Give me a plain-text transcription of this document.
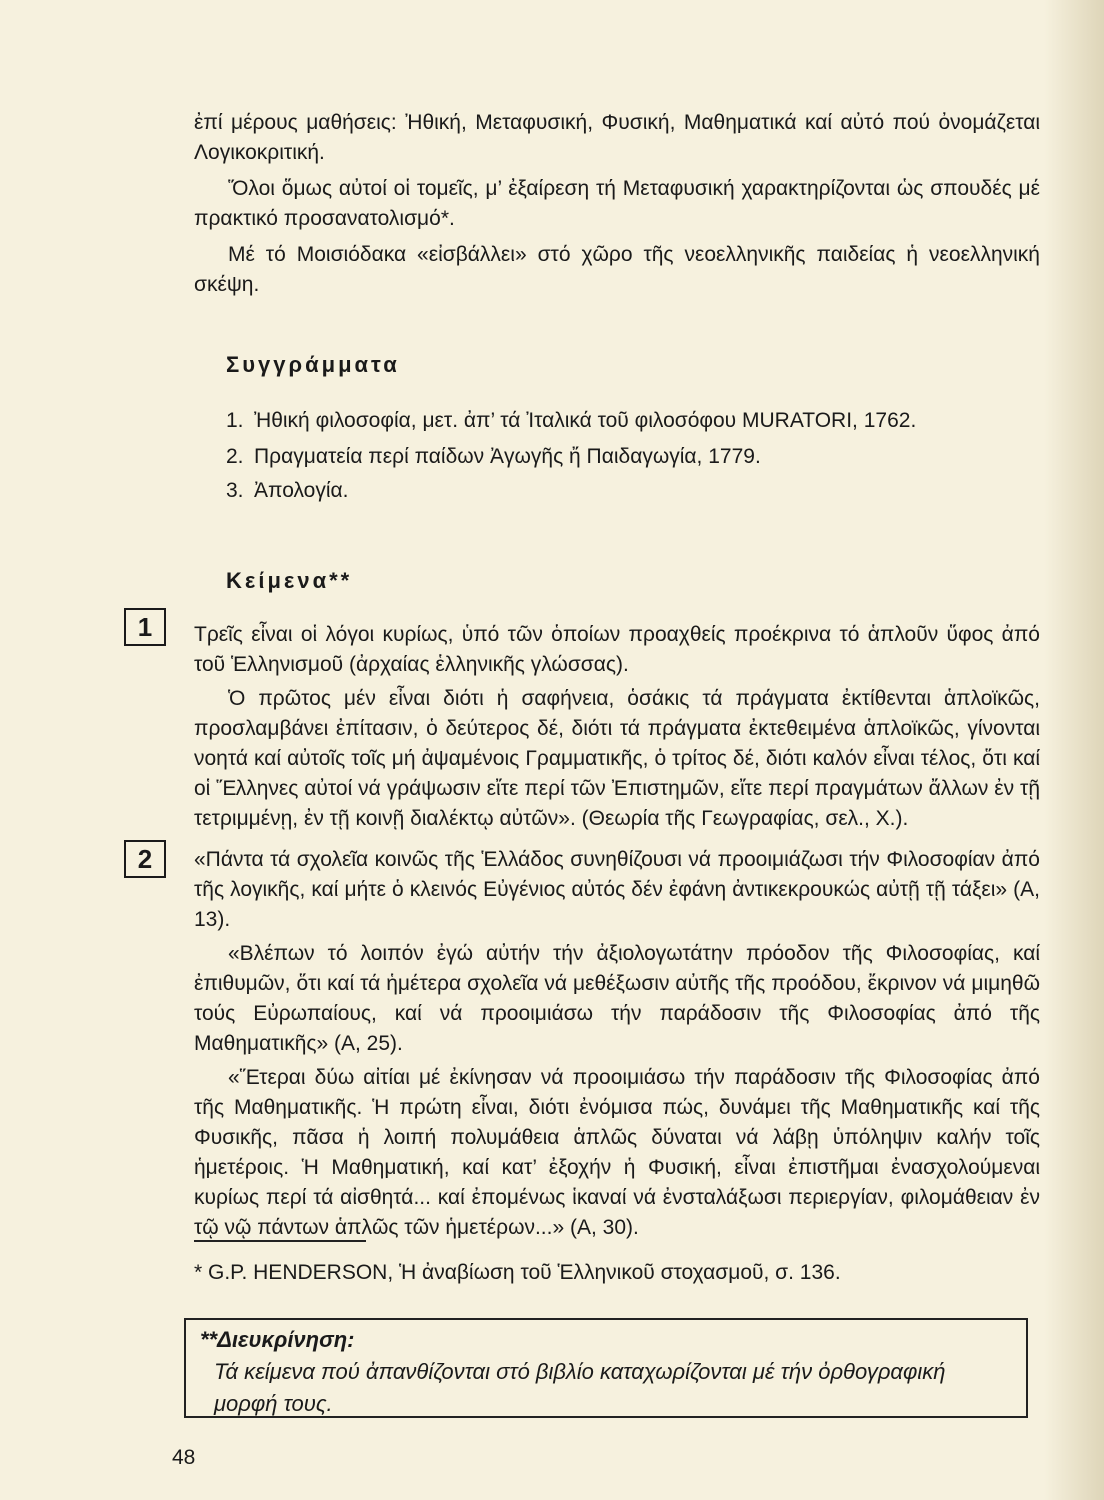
ἐπί μέρους μαθήσεις: Ἠθική, Μεταφυσική, Φυσική, Μαθηματικά καί αὐτό πού ὀνομάζεται Λογικοκριτική.

Ὅλοι ὅμως αὐτοί οἱ τομεῖς, μ’ ἐξαίρεση τή Μεταφυσική χαρακτηρίζονται ὡς σπουδές μέ πρακτικό προσανατολισμό*.

Μέ τό Μοισιόδακα «εἰσβάλλει» στό χῶρο τῆς νεοελληνικῆς παιδείας ἡ νεοελληνική σκέψη.

Συγγράμματα
1. Ἠθική φιλοσοφία, μετ. ἀπ’ τά Ἰταλικά τοῦ φιλοσόφου MURATORI, 1762.
2. Πραγματεία περί παίδων Ἀγωγῆς ἤ Παιδαγωγία, 1779.
3. Ἀπολογία.
Κείμενα**
1	Τρεῖς εἶναι οἱ λόγοι κυρίως, ὑπό τῶν ὁποίων προαχθείς προέκρινα τό ἁπλοῦν ὕφος ἀπό τοῦ Ἑλληνισμοῦ (ἀρχαίας ἑλληνικῆς γλώσσας).

Ὁ πρῶτος μέν εἶναι διότι ἡ σαφήνεια, ὁσάκις τά πράγματα ἐκτίθενται ἁπλοϊκῶς, προσλαμβάνει ἐπίτασιν, ὁ δεύτερος δέ, διότι τά πράγματα ἐκτεθειμένα ἁπλοϊκῶς, γίνονται νοητά καί αὐτοῖς τοῖς μή ἀψαμένοις Γραμματικῆς, ὁ τρίτος δέ, διότι καλόν εἶναι τέλος, ὅτι καί οἱ Ἕλληνες αὐτοί νά γράψωσιν εἴτε περί τῶν Ἐπιστημῶν, εἴτε περί πραγμάτων ἄλλων ἐν τῇ τετριμμένῃ, ἐν τῇ κοινῇ διαλέκτῳ αὐτῶν». (Θεωρία τῆς Γεωγραφίας, σελ., Χ.).

2	«Πάντα τά σχολεῖα κοινῶς τῆς Ἑλλάδος συνηθίζουσι νά προοιμιάζωσι τήν Φιλοσοφίαν ἀπό τῆς λογικῆς, καί μήτε ὁ κλεινός Εὐγένιος αὐτός δέν ἐφάνη ἀντικεκρουκώς αὐτῇ τῇ τάξει» (Α, 13).

«Βλέπων τό λοιπόν ἐγώ αὐτήν τήν ἀξιολογωτάτην πρόοδον τῆς Φιλοσοφίας, καί ἐπιθυμῶν, ὅτι καί τά ἡμέτερα σχολεῖα νά μεθέξωσιν αὐτῆς τῆς προόδου, ἔκρινον νά μιμηθῶ τούς Εὐρωπαίους, καί νά προοιμιάσω τήν παράδοσιν τῆς Φιλοσοφίας ἀπό τῆς Μαθηματικῆς» (Α, 25).

«Ἕτεραι δύω αἰτίαι μέ ἐκίνησαν νά προοιμιάσω τήν παράδοσιν τῆς Φιλοσοφίας ἀπό τῆς Μαθηματικῆς. Ἡ πρώτη εἶναι, διότι ἐνόμισα πώς, δυνάμει τῆς Μαθηματικῆς καί τῆς Φυσικῆς, πᾶσα ἡ λοιπή πολυμάθεια ἁπλῶς δύναται νά λάβῃ ὑπόληψιν καλήν τοῖς ἡμετέροις. Ἡ Μαθηματική, καί κατ’ ἐξοχήν ἡ Φυσική, εἶναι ἐπιστῆμαι ἐνασχολούμεναι κυρίως περί τά αἰσθητά... καί ἐπομένως ἱκαναί νά ἐνσταλάξωσι περιεργίαν, φιλομάθειαν ἐν τῷ νῷ πάντων ἁπλῶς τῶν ἡμετέρων...» (Α, 30).

* G.P. HENDERSON, Ἡ ἀναβίωση τοῦ Ἑλληνικοῦ στοχασμοῦ, σ. 136.
**Διευκρίνηση:
Τά κείμενα πού ἀπανθίζονται στό βιβλίο καταχωρίζονται μέ τήν ὀρθογραφική μορφή τους.
48
